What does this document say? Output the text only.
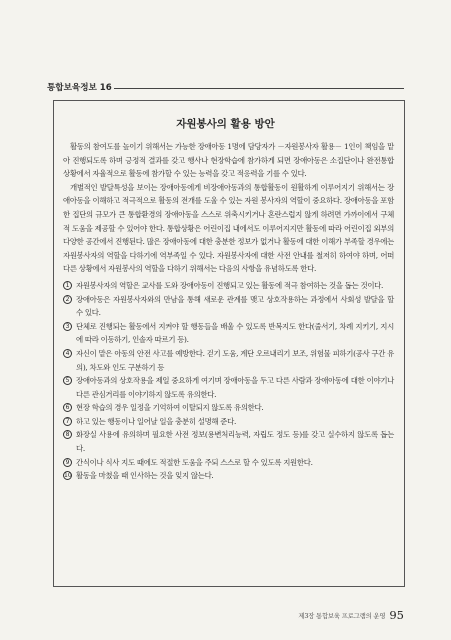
통합보육정보 16
자원봉사의 활용 방안

활동의 참여도를 높이기 위해서는 가능한 장애아동 1명에 담당자가 －자원봉사자 활용－ 1인이 책임을 맡아 진행되도록 하며 긍정적 결과를 갖고 행사나 현장학습에 참가하게 되면 장애아동은 소집단이나 완전통합 상황에서 자율적으로 활동에 참가할 수 있는 능력을 갖고 적응력을 기를 수 있다.

개별적인 발달특성을 보이는 장애아동에게 비장애아동과의 통합활동이 원활하게 이루어지기 위해서는 장애아동을 이해하고 적극적으로 활동의 전개를 도울 수 있는 자원 봉사자의 역할이 중요하다. 장애아동을 포함한 집단의 규모가 큰 통합환경의 장애아동을 스스로 위축시키거나 혼란스럽지 않게 하려면 가까이에서 구체적 도움을 제공할 수 있어야 한다. 통합상황은 어린이집 내에서도 이루어지지만 활동에 따라 어린이집 외부의 다양한 공간에서 진행된다. 많은 장애아동에 대한 충분한 정보가 없거나 활동에 대한 이해가 부족할 경우에는 자원봉사자의 역할을 다하기에 역부족일 수 있다. 자원봉사자에 대한 사전 안내를 철저히 하여야 하며, 어떠 다른 상황에서 자원봉사의 역할을 다하기 위해서는 다음의 사항을 유념하도록 한다.

1 자원봉사자의 역할은 교사를 도와 장애아동이 진행되고 있는 활동에 적극 참여하는 것을 돕는 것이다.
2 장애아동은 자원봉사자와의 만남을 통해 새로운 관계를 맺고 상호작용하는 과정에서 사회성 발달을 할 수 있다.
3 단체로 진행되는 활동에서 지켜야 할 행동들을 배울 수 있도록 반복지도 한다(줄서기, 차례 지키기, 지시에 따라 이동하기, 인솔자 따르기 등).
4 자신이 맡은 아동의 안전 사고를 예방한다. 걷기 도움, 계단 오르내리기 보조, 위험물 피하기(공사 구간 유의), 차도와 인도 구분하기 등
5 장애아동과의 상호작용을 제일 중요하게 여기며 장애아동을 두고 다른 사람과 장애아동에 대한 이야기나 다른 관심거리를 이야기하지 않도록 유의한다.
6 현장 학습의 경우 일정을 기억하여 이탈되지 않도록 유의한다.
7 하고 있는 행동이나 일어날 일을 충분히 설명해 준다.
8 화장실 사용에 유의하며 필요한 사전 정보(용변처리능력, 자립도 정도 등)를 갖고 실수하지 않도록 돕는다.
9 간식이나 식사 지도 때에도 적절한 도움을 주되 스스로 할 수 있도록 지원한다.
10 활동을 마쳤을 때 인사하는 것을 잊지 않는다.
제3장 통합보육 프로그램의 운영 95
